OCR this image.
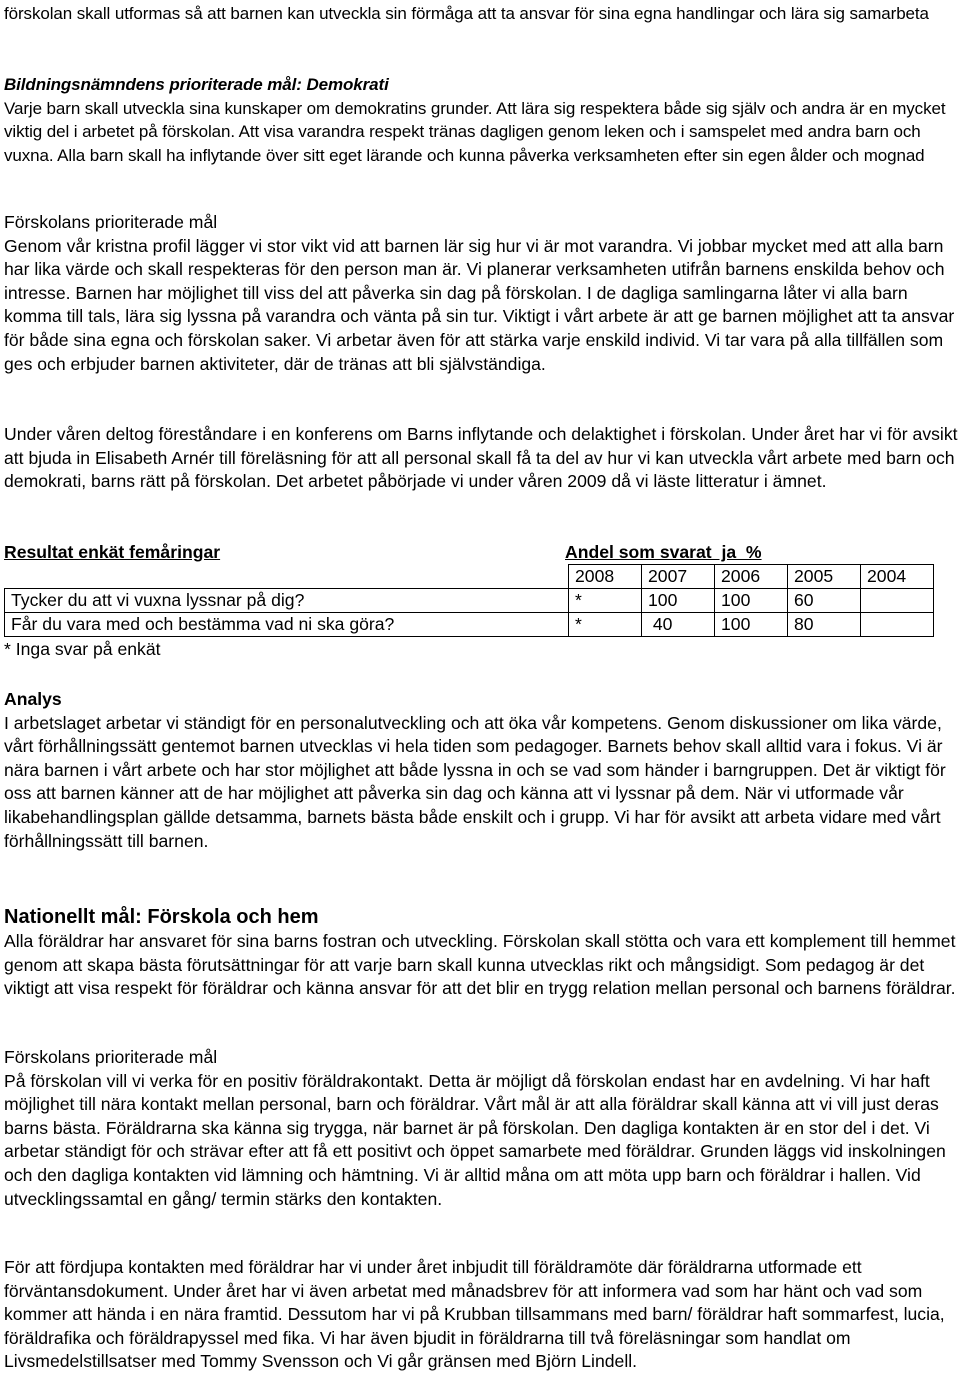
förskolan skall utformas så att barnen kan utveckla sin förmåga att ta ansvar för sina egna handlingar och lära sig samarbeta

Bildningsnämndens prioriterade mål: Demokrati

Varje barn skall utveckla sina kunskaper om demokratins grunder. Att lära sig respektera både sig själv och andra är en mycket viktig del i arbetet på förskolan. Att visa varandra respekt tränas dagligen genom leken och i samspelet med andra barn och vuxna. Alla barn skall ha inflytande över sitt eget lärande och kunna påverka verksamheten efter sin egen ålder och mognad

Förskolans prioriterade mål

Genom vår kristna profil lägger vi stor vikt vid att barnen lär sig hur vi är mot varandra. Vi jobbar mycket med att alla barn har lika värde och skall respekteras för den person man är. Vi planerar verksamheten utifrån barnens enskilda behov och intresse. Barnen har möjlighet till viss del att påverka sin dag på förskolan. I de dagliga samlingarna låter vi alla barn komma till tals, lära sig lyssna på varandra och vänta på sin tur. Viktigt i vårt arbete är att ge barnen möjlighet att ta ansvar för både sina egna och förskolan saker. Vi arbetar även för att stärka varje enskild individ. Vi tar vara på alla tillfällen som ges och erbjuder barnen aktiviteter, där de tränas att bli självständiga.

Under våren deltog föreståndare i en konferens om Barns inflytande och delaktighet i förskolan. Under året har vi för avsikt att bjuda in Elisabeth Arnér till föreläsning för att all personal skall få ta del av hur vi kan utveckla vårt arbete med barn och demokrati, barns rätt på förskolan. Det arbetet påbörjade vi under våren 2009 då vi läste litteratur i ämnet.

Resultat enkät femåringar	Andel som svarat  ja  %
	2008	2007	2006	2005	2004
Tycker du att vi vuxna lyssnar på dig?	*	100	100	60	
Får du vara med och bestämma vad ni ska göra?	*	40	100	80	

* Inga svar på enkät

Analys

I arbetslaget arbetar vi ständigt för en personalutveckling och att öka vår kompetens. Genom diskussioner om lika värde, vårt förhållningssätt gentemot barnen utvecklas vi hela tiden som pedagoger. Barnets behov skall alltid vara i fokus. Vi är nära barnen i vårt arbete och har stor möjlighet att både lyssna in och se vad som händer i barngruppen. Det är viktigt för oss att barnen känner att de har möjlighet att påverka sin dag och känna att vi lyssnar på dem. När vi utformade vår likabehandlingsplan gällde detsamma, barnets bästa både enskilt och i grupp. Vi har för avsikt att arbeta vidare med vårt förhållningssätt till barnen.

Nationellt mål: Förskola och hem

Alla föräldrar har ansvaret för sina barns fostran och utveckling. Förskolan skall stötta och vara ett komplement till hemmet genom att skapa bästa förutsättningar för att varje barn skall kunna utvecklas rikt och mångsidigt. Som pedagog är det viktigt att visa respekt för föräldrar och känna ansvar för att det blir en trygg relation mellan personal och barnens föräldrar.

Förskolans prioriterade mål

På förskolan vill vi verka för en positiv föräldrakontakt. Detta är möjligt då förskolan endast har en avdelning. Vi har haft möjlighet till nära kontakt mellan personal, barn och föräldrar. Vårt mål är att alla föräldrar skall känna att vi vill just deras barns bästa. Föräldrarna ska känna sig trygga, när barnet är på förskolan. Den dagliga kontakten är en stor del i det. Vi arbetar ständigt för och strävar efter att få ett positivt och öppet samarbete med föräldrar. Grunden läggs vid inskolningen och den dagliga kontakten vid lämning och hämtning. Vi är alltid måna om att möta upp barn och föräldrar i hallen. Vid utvecklingssamtal en gång/ termin stärks den kontakten.

För att fördjupa kontakten med föräldrar har vi under året inbjudit till föräldramöte där föräldrarna utformade ett förväntansdokument. Under året har vi även arbetat med månadsbrev för att informera vad som har hänt och vad som kommer att hända i en nära framtid. Dessutom har vi på Krubban tillsammans med barn/ föräldrar haft sommarfest, lucia, föräldrafika och föräldrapyssel med fika. Vi har även bjudit in föräldrarna till två föreläsningar som handlat om Livsmedelstillsatser med Tommy Svensson och Vi går gränsen med Björn Lindell.
